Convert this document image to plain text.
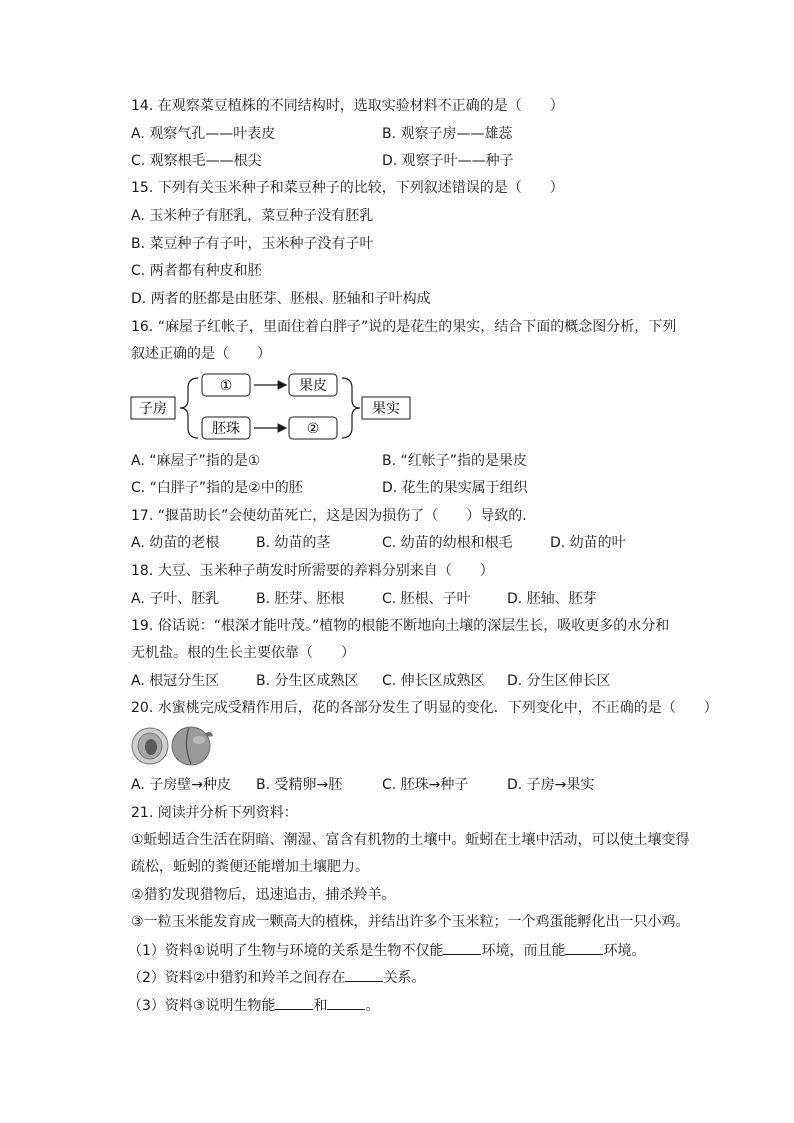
14. 在观察菜豆植株的不同结构时，选取实验材料不正确的是（　　）
A. 观察气孔——叶表皮	B. 观察子房——雄蕊
C. 观察根毛——根尖	D. 观察子叶——种子
15. 下列有关玉米种子和菜豆种子的比较，下列叙述错误的是（　　）
A. 玉米种子有胚乳，菜豆种子没有胚乳
B. 菜豆种子有子叶，玉米种子没有子叶
C. 两者都有种皮和胚
D. 两者的胚都是由胚芽、胚根、胚轴和子叶构成
16. “麻屋子红帐子，里面住着白胖子”说的是花生的果实，结合下面的概念图分析，下列
叙述正确的是（　　）
子房
①	果皮
胚珠	②
果实
A. “麻屋子”指的是①	B. “红帐子”指的是果皮
C. “白胖子”指的是②中的胚	D. 花生的果实属于组织
17. “揠苗助长”会使幼苗死亡，这是因为损伤了（　　）导致的．
A. 幼苗的老根	B. 幼苗的茎	C. 幼苗的幼根和根毛	D. 幼苗的叶
18. 大豆、玉米种子萌发时所需要的养料分别来自（　　）
A. 子叶、胚乳	B. 胚芽、胚根	C. 胚根、子叶	D. 胚轴、胚芽
19. 俗话说：“根深才能叶茂。”植物的根能不断地向土壤的深层生长，吸收更多的水分和
无机盐。根的生长主要依靠（　　）
A. 根冠分生区	B. 分生区成熟区 C. 伸长区成熟区 D. 分生区伸长区
20. 水蜜桃完成受精作用后，花的各部分发生了明显的变化．下列变化中，不正确的是（　　）
A. 子房壁→种皮 B. 受精卵→胚	C. 胚珠→种子	D. 子房→果实
21. 阅读并分析下列资料：
①蚯蚓适合生活在阴暗、潮湿、富含有机物的土壤中。蚯蚓在土壤中活动，可以使土壤变得
疏松，蚯蚓的粪便还能增加土壤肥力。
②猎豹发现猎物后，迅速追击，捕杀羚羊。
③一粒玉米能发育成一颗高大的植株，并结出许多个玉米粒；一个鸡蛋能孵化出一只小鸡。
（1）资料①说明了生物与环境的关系是生物不仅能	环境，而且能	环境。
（2）资料②中猎豹和羚羊之间存在	关系。
（3）资料③说明生物能	和	。
